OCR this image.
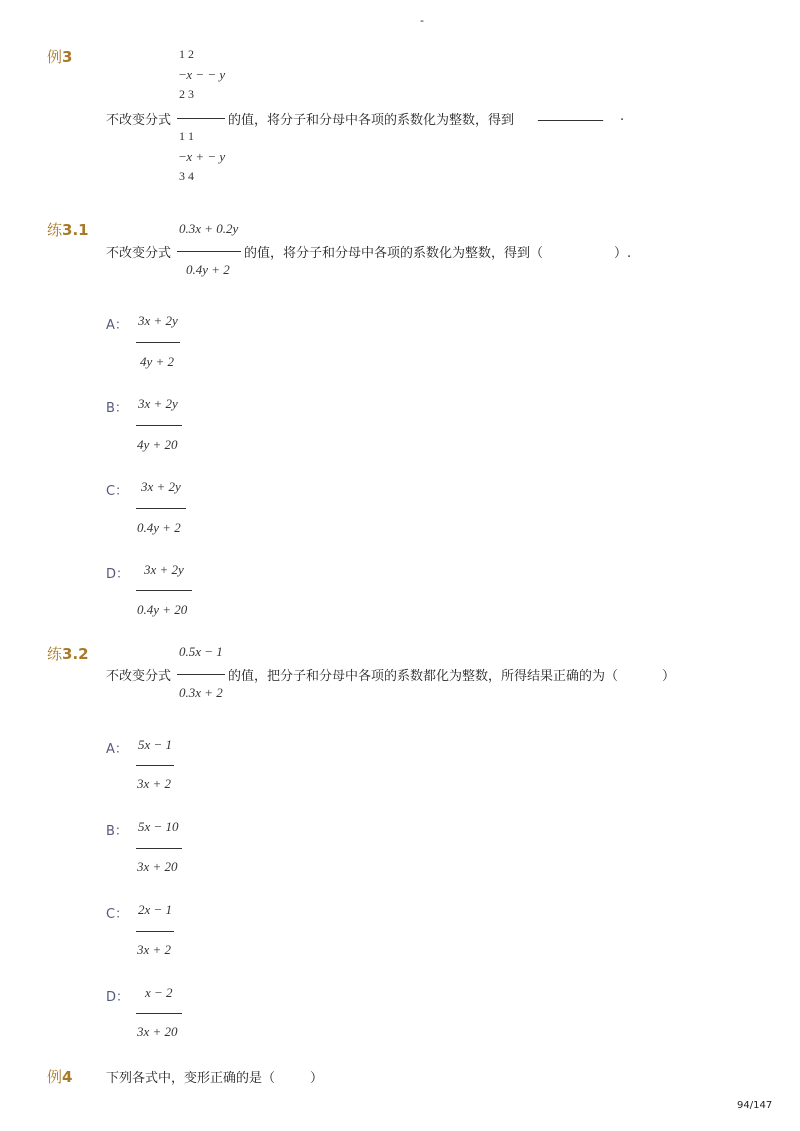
-
例3	1 2
−x − − y
2 3
不改变分式	的值，将分子和分母中各项的系数化为整数，得到 __________ .
1 1
−x + − y
3 4
练3.1	0.3x + 0.2y
不改变分式	的值，将分子和分母中各项的系数化为整数，得到（	）.
0.4y + 2
A： 3x + 2y
4y + 2
B： 3x + 2y
4y + 20
C： 3x + 2y
0.4y + 2
D： 3x + 2y
0.4y + 20
练3.2	0.5x − 1
不改变分式	的值，把分子和分母中各项的系数都化为整数，所得结果正确的为（	）
0.3x + 2
A： 5x − 1
3x + 2
B： 5x − 10
3x + 20
C： 2x − 1
3x + 2
D： x − 2
3x + 20
例4	下列各式中，变形正确的是（	）
94/147
